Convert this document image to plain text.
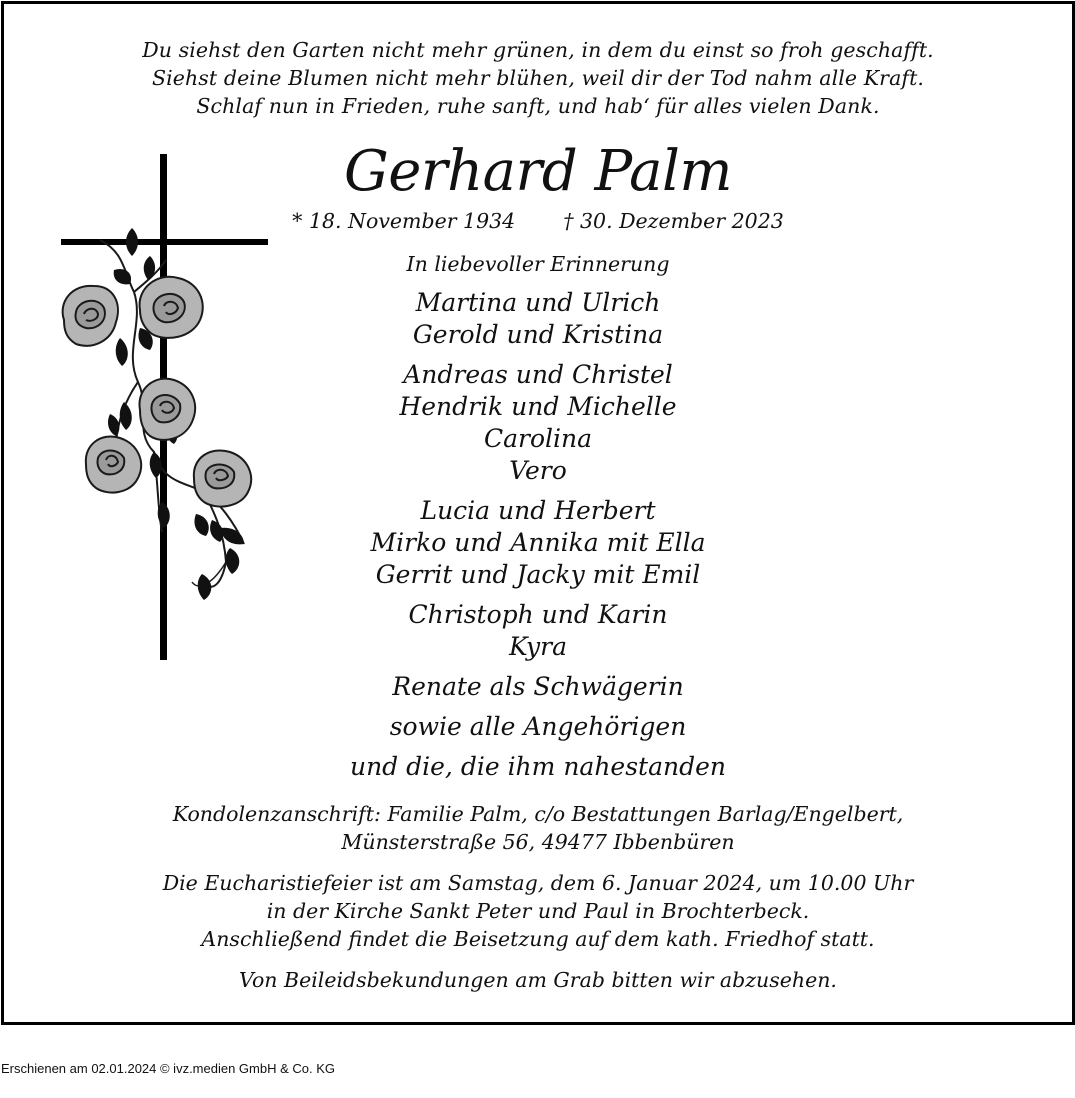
Du siehst den Garten nicht mehr grünen, in dem du einst so froh geschafft.
Siehst deine Blumen nicht mehr blühen, weil dir der Tod nahm alle Kraft.
Schlaf nun in Frieden, ruhe sanft, und hab‘ für alles vielen Dank.
Gerhard Palm
* 18. November 1934 † 30. Dezember 2023
In liebevoller Erinnerung
Martina und Ulrich
Gerold und Kristina
Andreas und Christel
Hendrik und Michelle
Carolina
Vero
Lucia und Herbert
Mirko und Annika mit Ella
Gerrit und Jacky mit Emil
Christoph und Karin
Kyra
Renate als Schwägerin
sowie alle Angehörigen
und die, die ihm nahestanden
Kondolenzanschrift: Familie Palm, c/o Bestattungen Barlag/Engelbert,
Münsterstraße 56, 49477 Ibbenbüren
Die Eucharistiefeier ist am Samstag, dem 6. Januar 2024, um 10.00 Uhr
in der Kirche Sankt Peter und Paul in Brochterbeck.
Anschließend findet die Beisetzung auf dem kath. Friedhof statt.
Von Beileidsbekundungen am Grab bitten wir abzusehen.
Erschienen am 02.01.2024 © ivz.medien GmbH & Co. KG
